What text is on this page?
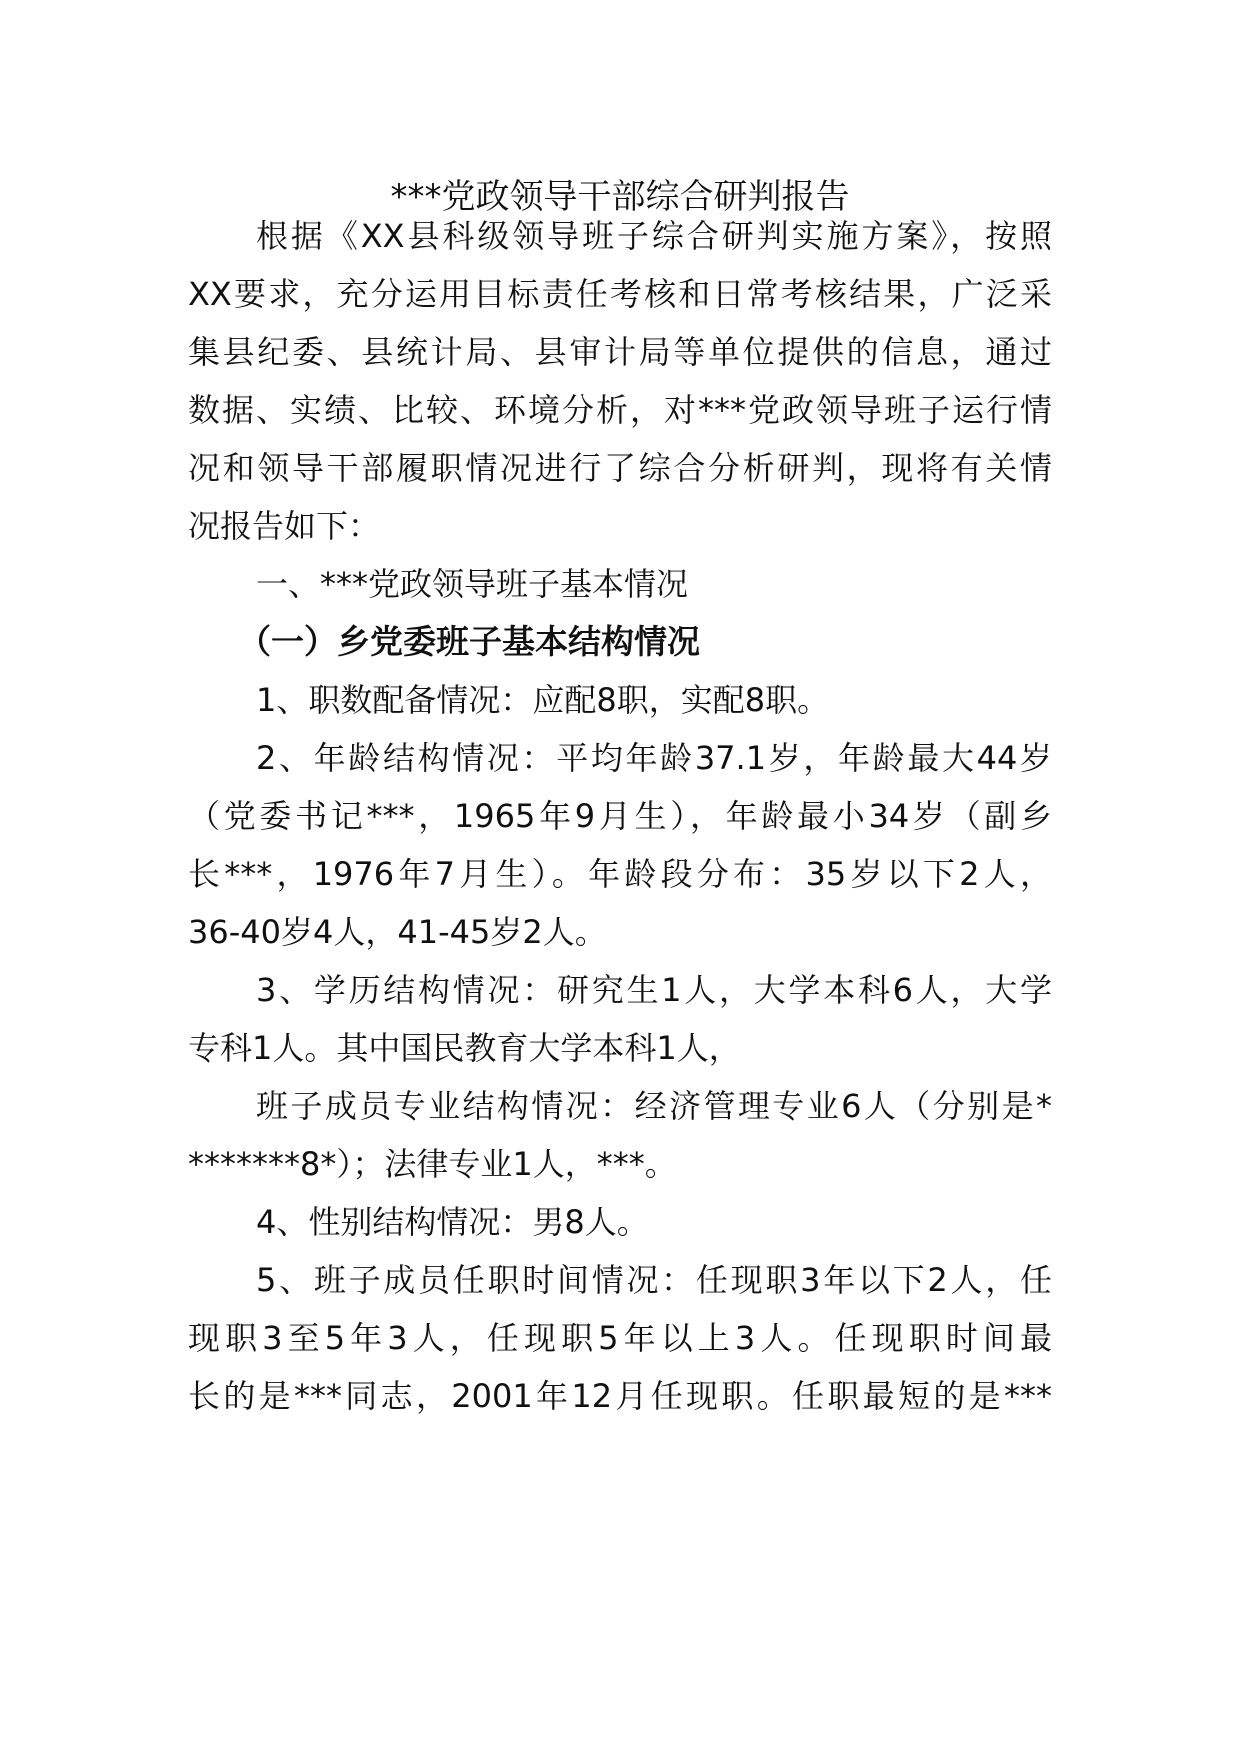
***党政领导干部综合研判报告
根据《XX县科级领导班子综合研判实施方案》，按照
XX要求，充分运用目标责任考核和日常考核结果，广泛采
集县纪委、县统计局、县审计局等单位提供的信息，通过
数据、实绩、比较、环境分析，对***党政领导班子运行情
况和领导干部履职情况进行了综合分析研判，现将有关情
况报告如下：
一、***党政领导班子基本情况
（一）乡党委班子基本结构情况
1、职数配备情况：应配8职，实配8职。
2、年龄结构情况：平均年龄37.1岁，年龄最大44岁
（党委书记***，1965年9月生），年龄最小34岁（副乡
长***，1976年7月生）。年龄段分布：35岁以下2人，
36-40岁4人，41-45岁2人。
3、学历结构情况：研究生1人，大学本科6人，大学
专科1人。其中国民教育大学本科1人，
班子成员专业结构情况：经济管理专业6人（分别是*
*******8*）；法律专业1人，***。
4、性别结构情况：男8人。
5、班子成员任职时间情况：任现职3年以下2人，任
现职3至5年3人，任现职5年以上3人。任现职时间最
长的是***同志，2001年12月任现职。任职最短的是***
